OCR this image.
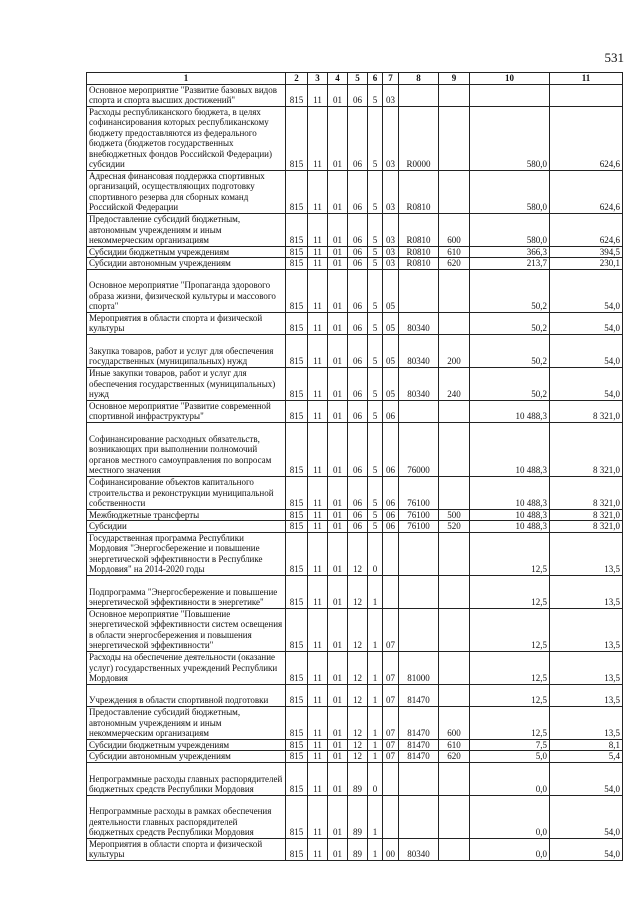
531
1	2	3	4	5	6	7	8	9	10	11
Основное мероприятие "Развитие базовых видов спорта и спорта высших достижений"	815	11	01	06	5	03				
Расходы республиканского бюджета, в целях софинансирования которых республиканскому бюджету предоставляются из федерального бюджета (бюджетов государственных внебюджетных фондов Российской Федерации) субсидии	815	11	01	06	5	03	R0000		580,0	624,6
Адресная финансовая поддержка спортивных организаций, осуществляющих подготовку спортивного резерва для сборных команд Российской Федерации	815	11	01	06	5	03	R0810		580,0	624,6
Предоставление субсидий бюджетным, автономным учреждениям и иным некоммерческим организациям	815	11	01	06	5	03	R0810	600	580,0	624,6
Субсидии бюджетным учреждениям	815	11	01	06	5	03	R0810	610	366,3	394,5
Субсидии автономным учреждениям	815	11	01	06	5	03	R0810	620	213,7	230,1
Основное мероприятие "Пропаганда здорового образа жизни, физической культуры и массового спорта"	815	11	01	06	5	05			50,2	54,0
Мероприятия в области спорта и физической культуры	815	11	01	06	5	05	80340		50,2	54,0
Закупка товаров, работ и услуг для обеспечения государственных (муниципальных) нужд	815	11	01	06	5	05	80340	200	50,2	54,0
Иные закупки товаров, работ и услуг для обеспечения государственных (муниципальных) нужд	815	11	01	06	5	05	80340	240	50,2	54,0
Основное мероприятие "Развитие современной спортивной инфраструктуры"	815	11	01	06	5	06			10 488,3	8 321,0
Софинансирование расходных обязательств, возникающих при выполнении полномочий органов местного самоуправления по вопросам местного значения	815	11	01	06	5	06	76000		10 488,3	8 321,0
Софинансирование объектов капитального строительства и реконструкции муниципальной собственности	815	11	01	06	5	06	76100		10 488,3	8 321,0
Межбюджетные трансферты	815	11	01	06	5	06	76100	500	10 488,3	8 321,0
Субсидии	815	11	01	06	5	06	76100	520	10 488,3	8 321,0
Государственная программа Республики Мордовия "Энергосбережение и повышение энергетической эффективности в Республике Мордовия" на 2014-2020 годы	815	11	01	12	0				12,5	13,5
Подпрограмма "Энергосбережение и повышение энергетической эффективности в энергетике"	815	11	01	12	1				12,5	13,5
Основное мероприятие "Повышение энергетической эффективности систем освещения в области энергосбережения и повышения энергетической эффективности"	815	11	01	12	1	07			12,5	13,5
Расходы на обеспечение деятельности (оказание услуг) государственных учреждений Республики Мордовия	815	11	01	12	1	07	81000		12,5	13,5
Учреждения в области спортивной подготовки	815	11	01	12	1	07	81470		12,5	13,5
Предоставление субсидий бюджетным, автономным учреждениям и иным некоммерческим организациям	815	11	01	12	1	07	81470	600	12,5	13,5
Субсидии бюджетным учреждениям	815	11	01	12	1	07	81470	610	7,5	8,1
Субсидии автономным учреждениям	815	11	01	12	1	07	81470	620	5,0	5,4
Непрограммные расходы главных распорядителей бюджетных средств Республики Мордовия	815	11	01	89	0				0,0	54,0
Непрограммные расходы в рамках обеспечения деятельности главных распорядителей бюджетных средств Республики Мордовия	815	11	01	89	1				0,0	54,0
Мероприятия в области спорта и физической культуры	815	11	01	89	1	00	80340		0,0	54,0
